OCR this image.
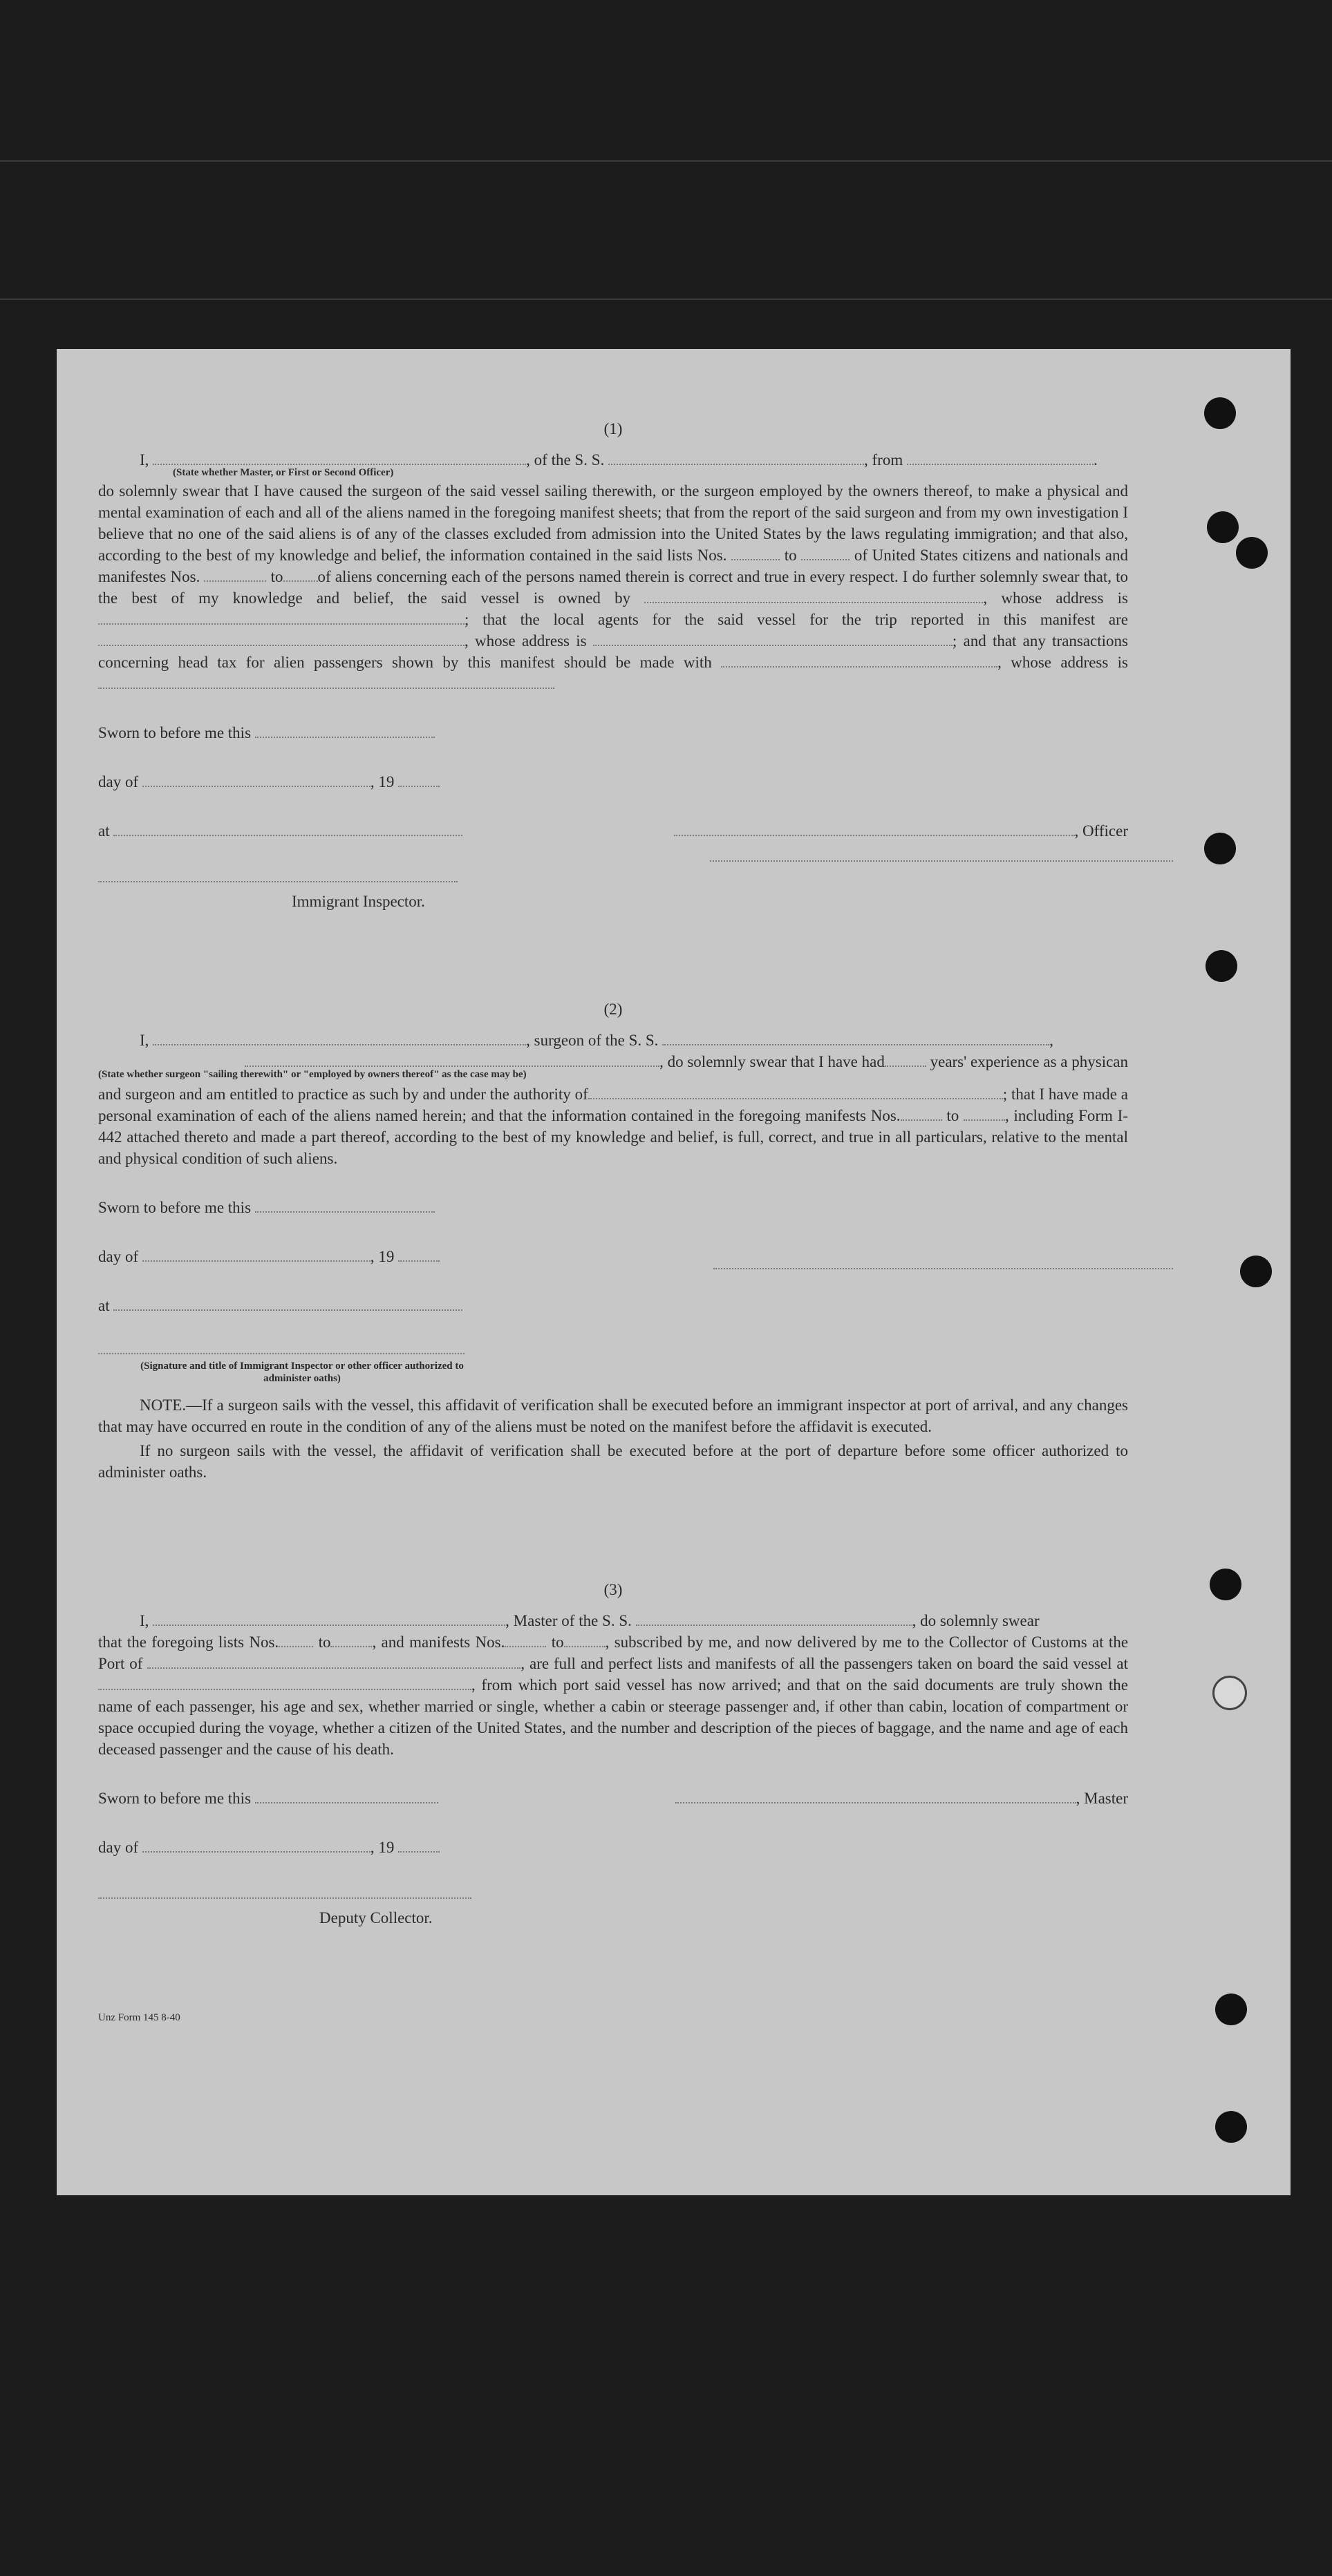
(1)
I,	, of the S. S.	, from	.
(State whether Master, or First or Second Officer)

do solemnly swear that I have caused the surgeon of the said vessel sailing therewith, or the surgeon employed by the owners thereof, to make a physical and mental examination of each and all of the aliens named in the foregoing manifest sheets; that from the report of the said surgeon and from my own investigation I believe that no one of the said aliens is of any of the classes excluded from admission into the United States by the laws regulating immigration; and that also, according to the best of my knowledge and belief, the information contained in the said lists Nos.	to	of United States citizens and nationals and manifestes Nos.	to of aliens concerning each of the persons named therein is correct and true in every respect. I do further solemnly swear that, to the best of my knowledge and belief, the said vessel is owned by	, whose address is ; that the local agents for the said vessel for the trip reported in this manifest are , whose address is	; and that any transactions concerning head tax for alien passengers shown by this manifest should be made with	, whose address is

Sworn to before me this
day of	, 19
at	, Officer
Immigrant Inspector.
(2)
I,	, surgeon of the S. S.	,
, do solemnly swear that I have had	years' experience as a physican
(State whether surgeon "sailing therewith" or "employed by owners thereof" as the case may be)

and surgeon and am entitled to practice as such by and under the authority of	; that I have made a personal examination of each of the aliens named herein; and that the information contained in the foregoing manifests Nos.	to	, including Form I-442 attached thereto and made a part thereof, according to the best of my knowledge and belief, is full, correct, and true in all particulars, relative to the mental and physical condition of such aliens.

Sworn to before me this
day of	, 19
at
(Signature and title of Immigrant Inspector or other officer authorized to administer oaths)

NOTE.—If a surgeon sails with the vessel, this affidavit of verification shall be executed before an immigrant inspector at port of arrival, and any changes that may have occurred en route in the condition of any of the aliens must be noted on the manifest before the affidavit is executed.

If no surgeon sails with the vessel, the affidavit of verification shall be executed before at the port of departure before some officer authorized to administer oaths.

(3)
I,	, Master of the S. S.	, do solemnly swear

that the foregoing lists Nos. to	, and manifests Nos.	to	, subscribed by me, and now delivered by me to the Collector of Customs at the Port of	, are full and perfect lists and manifests of all the passengers taken on board the said vessel at , from which port said vessel has now arrived; and that on the said documents are truly shown the name of each passenger, his age and sex, whether married or single, whether a cabin or steerage passenger and, if other than cabin, location of compartment or space occupied during the voyage, whether a citizen of the United States, and the number and description of the pieces of baggage, and the name and age of each deceased passenger and the cause of his death.

Sworn to before me this	, Master
day of	, 19
Deputy Collector.
Unz Form 145 8-40
